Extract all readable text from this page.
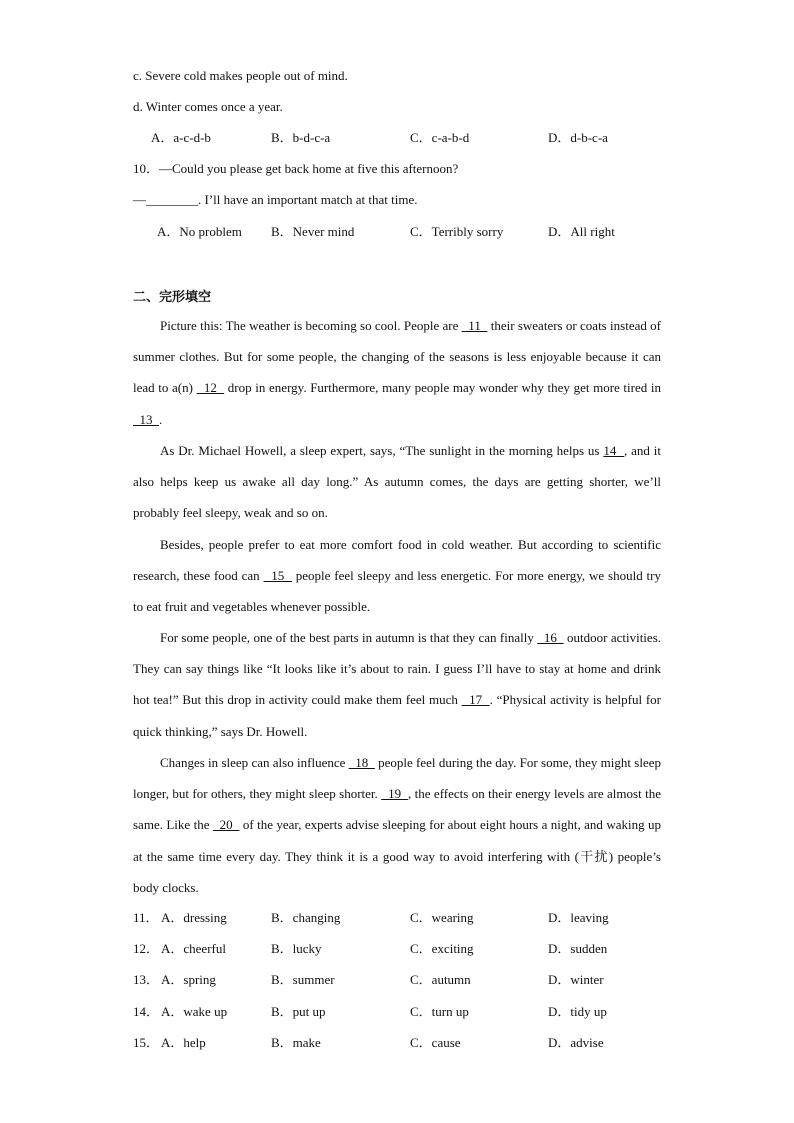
c. Severe cold makes people out of mind.
d. Winter comes once a year.
A．a-c-d-b	B．b-d-c-a	C．c-a-b-d	D．d-b-c-a
10．—Could you please get back home at five this afternoon?
—________. I’ll have an important match at that time.
A．No problem B．Never mind	C．Terribly sorry	D．All right
二、完形填空

Picture this: The weather is becoming so cool. People are   11   their sweaters or coats instead of summer clothes. But for some people, the changing of the seasons is less enjoyable because it can lead to a(n)   12   drop in energy. Furthermore, many people may wonder why they get more tired in   13  .

As Dr. Michael Howell, a sleep expert, says, “The sunlight in the morning helps us 14  , and it also helps keep us awake all day long.” As autumn comes, the days are getting shorter, we’ll probably feel sleepy, weak and so on.

Besides, people prefer to eat more comfort food in cold weather. But according to scientific research, these food can   15   people feel sleepy and less energetic. For more energy, we should try to eat fruit and vegetables whenever possible.

For some people, one of the best parts in autumn is that they can finally   16   outdoor activities. They can say things like “It looks like it’s about to rain. I guess I’ll have to stay at home and drink hot tea!” But this drop in activity could make them feel much   17  . “Physical activity is helpful for quick thinking,” says Dr. Howell.

Changes in sleep can also influence   18   people feel during the day. For some, they might sleep longer, but for others, they might sleep shorter.   19  , the effects on their energy levels are almost the same. Like the   20   of the year, experts advise sleeping for about eight hours a night, and waking up at the same time every day. They think it is a good way to avoid interfering with (干扰) people’s body clocks.

11． A．dressing	B．changing	C．wearing	D．leaving
12． A．cheerful	B．lucky	C．exciting	D．sudden
13． A．spring	B．summer	C．autumn	D．winter
14． A．wake up	B．put up	C．turn up	D．tidy up
15． A．help	B．make	C．cause	D．advise
